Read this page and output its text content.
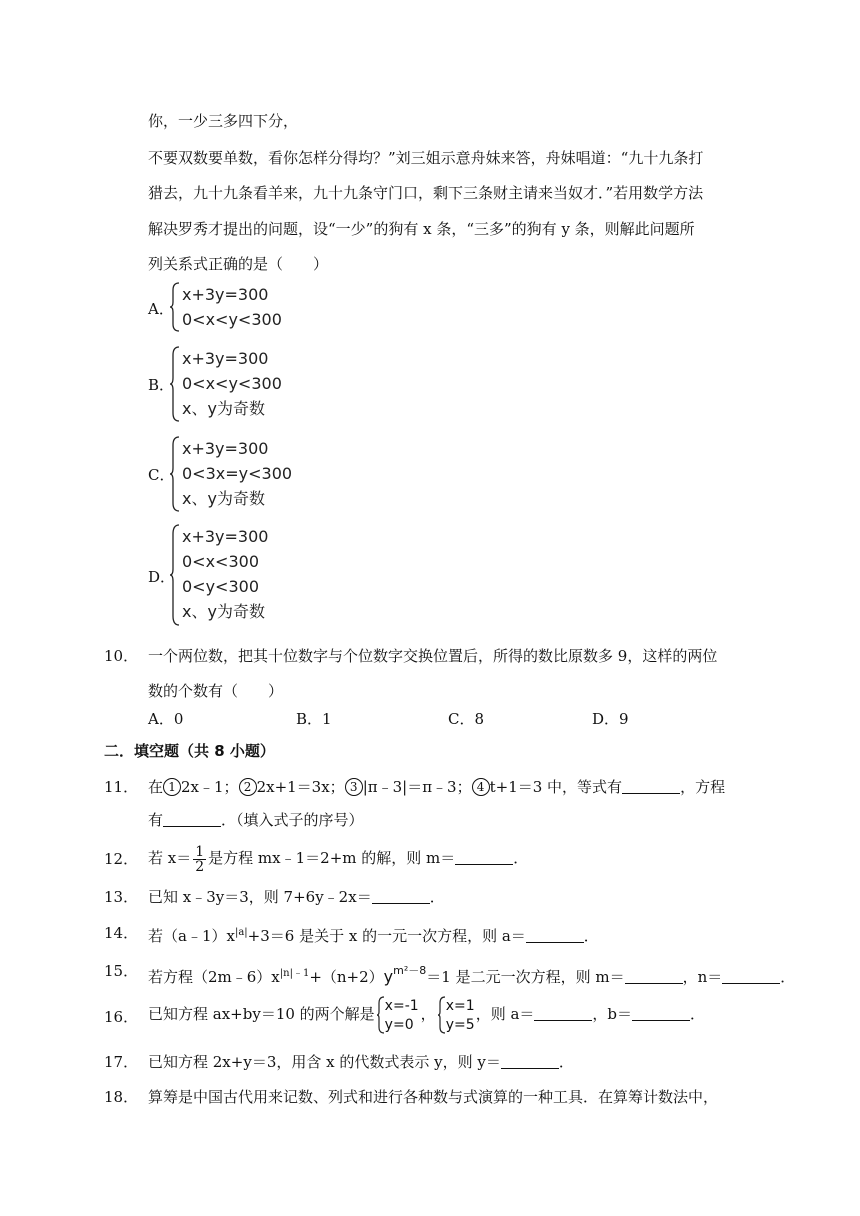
你，一少三多四下分，
不要双数要单数，看你怎样分得均？”刘三姐示意舟妹来答，舟妹唱道：“九十九条打
猎去，九十九条看羊来，九十九条守门口，剩下三条财主请来当奴才．”若用数学方法
解决罗秀才提出的问题，设“一少”的狗有 x 条，“三多”的狗有 y 条，则解此问题所
列关系式正确的是（　　）
A．
x+3y=300
0<x<y<300
B．
x+3y=300
0<x<y<300
x、y为奇数
C．
x+3y=300
0<3x=y<300
x、y为奇数
D．
x+3y=300
0<x<300
0<y<300
x、y为奇数
10． 一个两位数，把其十位数字与个位数字交换位置后，所得的数比原数多 9，这样的两位
数的个数有（　　）
A．0	B．1	C．8	D．9
二．填空题（共 8 小题）
11． 在 1 2x﹣1； 2 2x+1＝3x； 3 |π﹣3|＝π﹣3； 4 t+1＝3 中，等式有	，方程
有	．（填入式子的序号）
12． 若 $x= \frac{1}{2}$ 是方程 mx﹣1＝2+m 的解，则 m＝	．
13． 已知 x﹣3y＝3，则 7+6y﹣2x＝	．
14． 若$(a﹣1)x^{|a|}+3=6$ 是关于 x 的一元一次方程，则 a＝	．
15． 若方程$(2m﹣6)x^{|n|﹣1}+(n+2)y^{m^2-8}=1$ 是二元一次方程，则 m＝	，n＝	．
16． 已知方程 ax+by＝10 的两个解是 x=-1
y=0
， x=1
y=5
，则 a＝	，b＝	．
17． 已知方程 2x+y＝3，用含 x 的代数式表示 y，则 y＝	．
18． 算筹是中国古代用来记数、列式和进行各种数与式演算的一种工具．在算筹计数法中，
